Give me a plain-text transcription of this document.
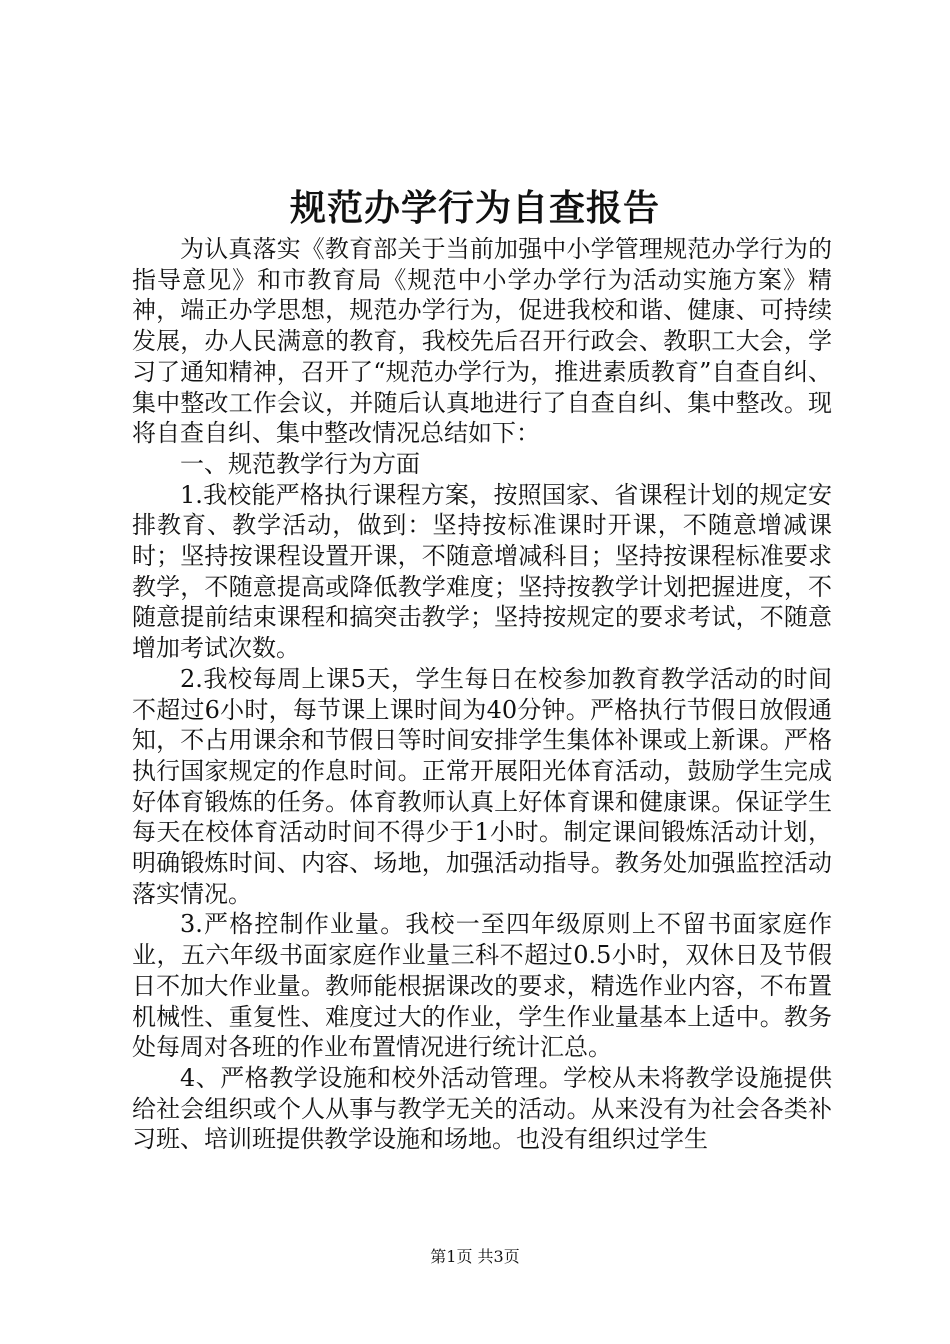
规范办学行为自查报告

为认真落实《教育部关于当前加强中小学管理规范办学行为的指导意见》和市教育局《规范中小学办学行为活动实施方案》精神，端正办学思想，规范办学行为，促进我校和谐、健康、可持续发展，办人民满意的教育，我校先后召开行政会、教职工大会，学习了通知精神，召开了“规范办学行为，推进素质教育”自查自纠、集中整改工作会议，并随后认真地进行了自查自纠、集中整改。现将自查自纠、集中整改情况总结如下：

一、规范教学行为方面

1.我校能严格执行课程方案，按照国家、省课程计划的规定安排教育、教学活动，做到：坚持按标准课时开课，不随意增减课时；坚持按课程设置开课，不随意增减科目；坚持按课程标准要求教学，不随意提高或降低教学难度；坚持按教学计划把握进度，不随意提前结束课程和搞突击教学；坚持按规定的要求考试，不随意增加考试次数。

2.我校每周上课5天，学生每日在校参加教育教学活动的时间不超过6小时，每节课上课时间为40分钟。严格执行节假日放假通知，不占用课余和节假日等时间安排学生集体补课或上新课。严格执行国家规定的作息时间。正常开展阳光体育活动，鼓励学生完成好体育锻炼的任务。体育教师认真上好体育课和健康课。保证学生每天在校体育活动时间不得少于1小时。制定课间锻炼活动计划，明确锻炼时间、内容、场地，加强活动指导。教务处加强监控活动落实情况。

3.严格控制作业量。我校一至四年级原则上不留书面家庭作业，五六年级书面家庭作业量三科不超过0.5小时，双休日及节假日不加大作业量。教师能根据课改的要求，精选作业内容，不布置机械性、重复性、难度过大的作业，学生作业量基本上适中。教务处每周对各班的作业布置情况进行统计汇总。

4、严格教学设施和校外活动管理。学校从未将教学设施提供给社会组织或个人从事与教学无关的活动。从来没有为社会各类补习班、培训班提供教学设施和场地。也没有组织过学生

第1页 共3页
